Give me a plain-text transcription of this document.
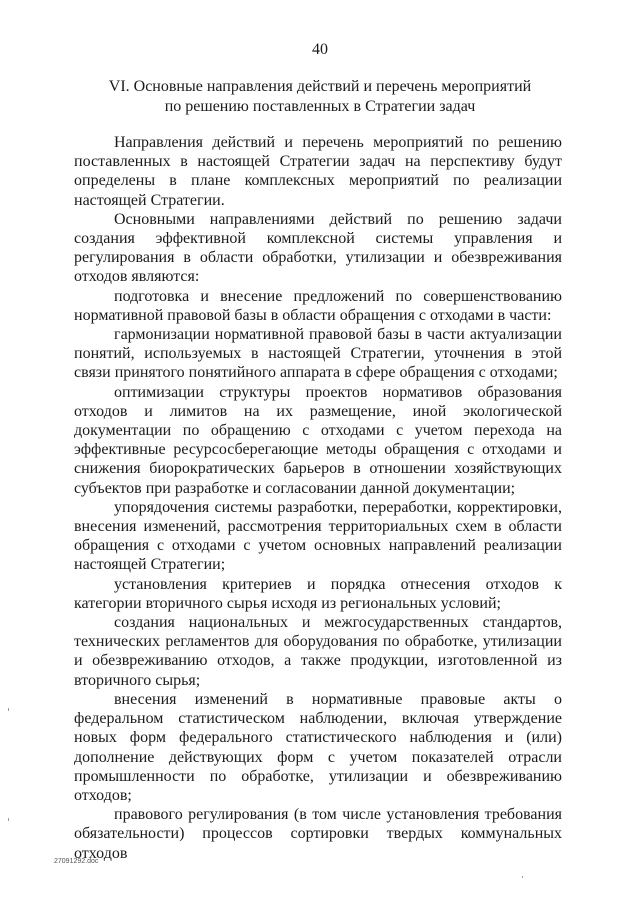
40
VI. Основные направления действий и перечень мероприятий
по решению поставленных в Стратегии задач

Направления действий и перечень мероприятий по решению поставленных в настоящей Стратегии задач на перспективу будут определены в плане комплексных мероприятий по реализации настоящей Стратегии.

Основными направлениями действий по решению задачи создания эффективной комплексной системы управления и регулирования в области обработки, утилизации и обезвреживания отходов являются:

подготовка и внесение предложений по совершенствованию нормативной правовой базы в области обращения с отходами в части:

гармонизации нормативной правовой базы в части актуализации понятий, используемых в настоящей Стратегии, уточнения в этой связи принятого понятийного аппарата в сфере обращения с отходами;

оптимизации структуры проектов нормативов образования отходов и лимитов на их размещение, иной экологической документации по обращению с отходами с учетом перехода на эффективные ресурсосберегающие методы обращения с отходами и снижения биорократических барьеров в отношении хозяйствующих субъектов при разработке и согласовании данной документации;

упорядочения системы разработки, переработки, корректировки, внесения изменений, рассмотрения территориальных схем в области обращения с отходами с учетом основных направлений реализации настоящей Стратегии;

установления критериев и порядка отнесения отходов к категории вторичного сырья исходя из региональных условий;

создания национальных и межгосударственных стандартов, технических регламентов для оборудования по обработке, утилизации и обезвреживанию отходов, а также продукции, изготовленной из вторичного сырья;

внесения изменений в нормативные правовые акты о федеральном статистическом наблюдении, включая утверждение новых форм федерального статистического наблюдения и (или) дополнение действующих форм с учетом показателей отрасли промышленности по обработке, утилизации и обезвреживанию отходов;

правового регулирования (в том числе установления требования обязательности) процессов сортировки твердых коммунальных отходов

27091292.doc
